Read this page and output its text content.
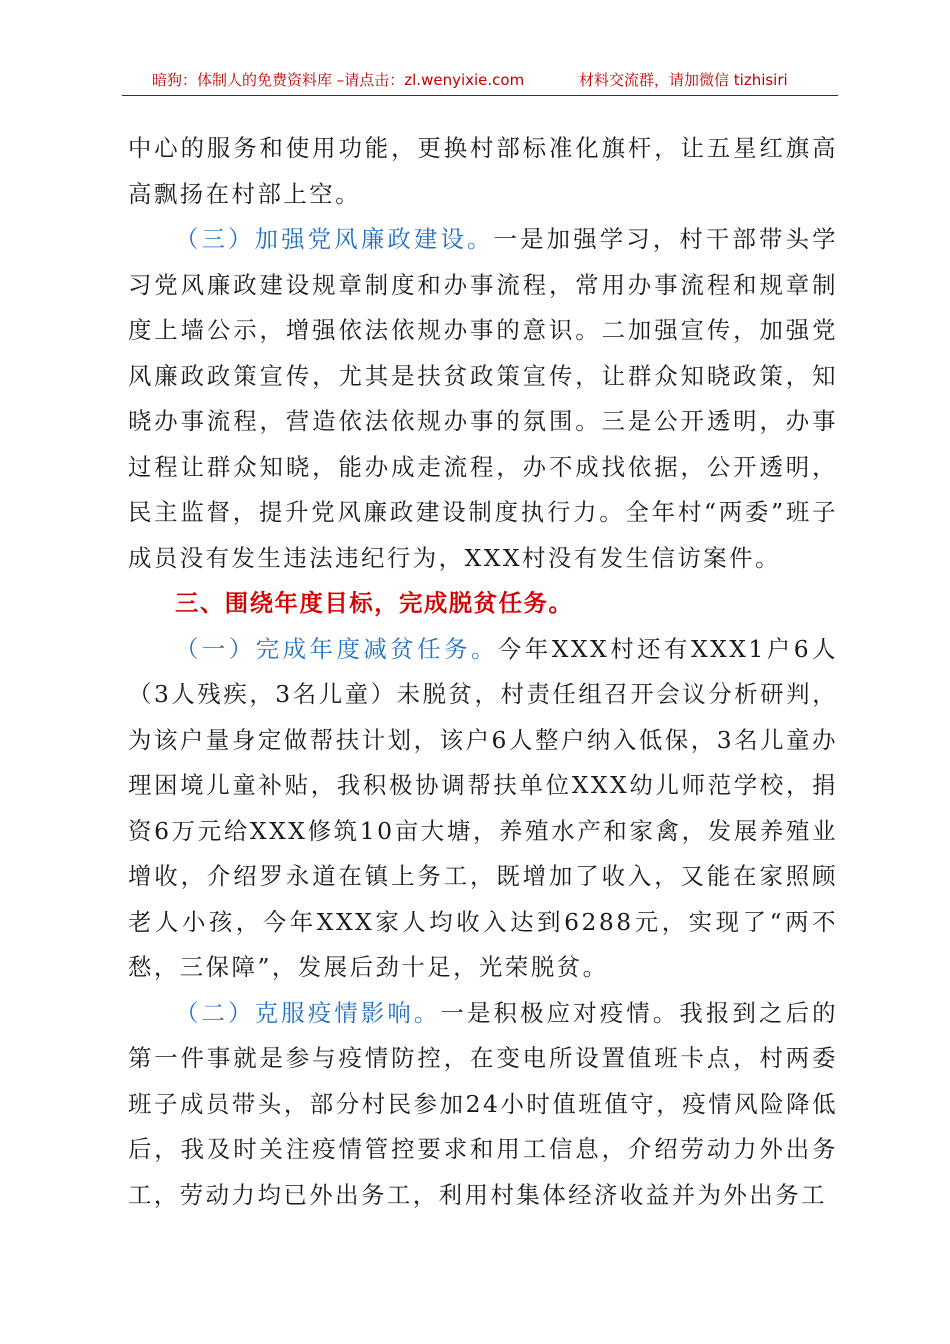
暗狗：体制人的免费资料库 –请点击：zl.wenyixie.com	材料交流群，请加微信 tizhisiri

中心的服务和使用功能，更换村部标准化旗杆，让五星红旗高高飘扬在村部上空。

（三）加强党风廉政建设。一是加强学习，村干部带头学习党风廉政建设规章制度和办事流程，常用办事流程和规章制度上墙公示，增强依法依规办事的意识。二加强宣传，加强党风廉政政策宣传，尤其是扶贫政策宣传，让群众知晓政策，知晓办事流程，营造依法依规办事的氛围。三是公开透明，办事过程让群众知晓，能办成走流程，办不成找依据，公开透明，民主监督，提升党风廉政建设制度执行力。全年村“两委”班子成员没有发生违法违纪行为，XXX村没有发生信访案件。

三、围绕年度目标，完成脱贫任务。

（一）完成年度减贫任务。今年XXX村还有XXX1户6人（3人残疾，3名儿童）未脱贫，村责任组召开会议分析研判，为该户量身定做帮扶计划，该户6人整户纳入低保，3名儿童办理困境儿童补贴，我积极协调帮扶单位XXX幼儿师范学校，捐资6万元给XXX修筑10亩大塘，养殖水产和家禽，发展养殖业增收，介绍罗永道在镇上务工，既增加了收入，又能在家照顾老人小孩，今年XXX家人均收入达到6288元，实现了“两不愁，三保障”，发展后劲十足，光荣脱贫。

（二）克服疫情影响。一是积极应对疫情。我报到之后的第一件事就是参与疫情防控，在变电所设置值班卡点，村两委班子成员带头，部分村民参加24小时值班值守，疫情风险降低后，我及时关注疫情管控要求和用工信息，介绍劳动力外出务工，劳动力均已外出务工，利用村集体经济收益并为外出务工
